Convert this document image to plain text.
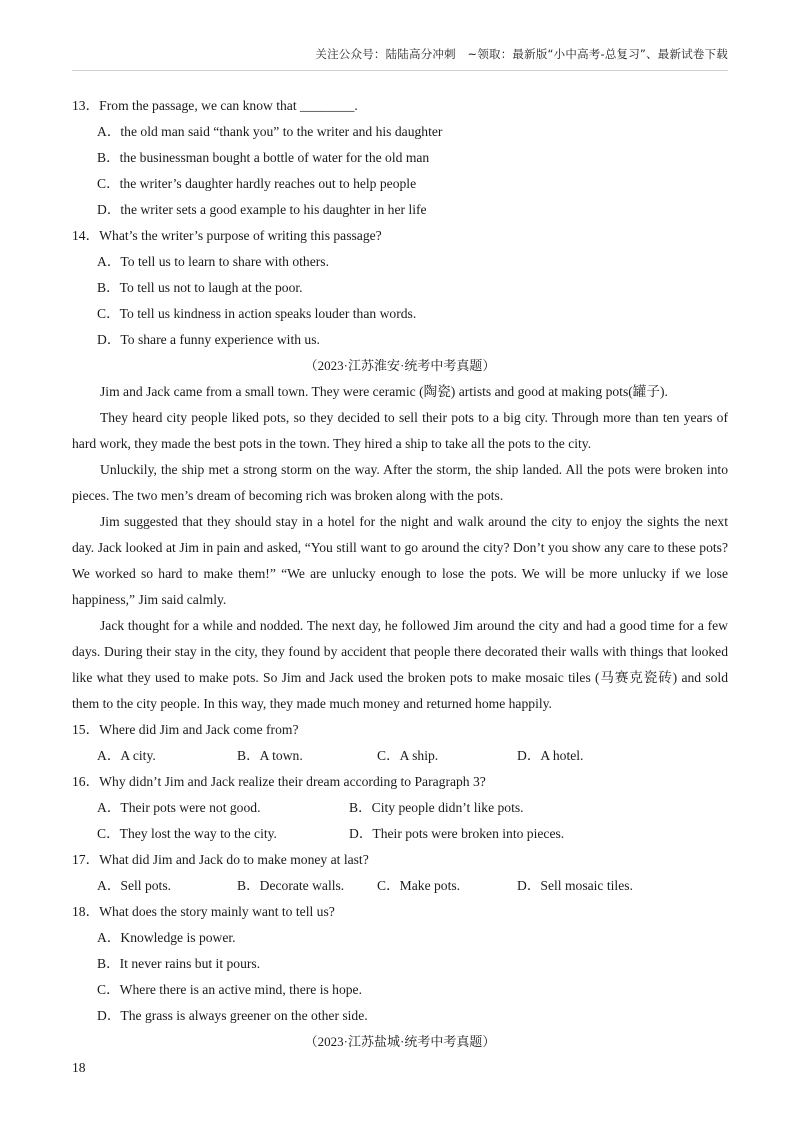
关注公众号：陆陆高分冲刺　~领取：最新版“小中高考-总复习”、最新试卷下载

13．From the passage, we can know that ________.

A．the old man said “thank you” to the writer and his daughter

B．the businessman bought a bottle of water for the old man

C．the writer’s daughter hardly reaches out to help people

D．the writer sets a good example to his daughter in her life

14．What’s the writer’s purpose of writing this passage?

A．To tell us to learn to share with others.

B．To tell us not to laugh at the poor.

C．To tell us kindness in action speaks louder than words.

D．To share a funny experience with us.

（2023·江苏淮安·统考中考真题）

Jim and Jack came from a small town. They were ceramic (陶瓷) artists and good at making pots(罐子).

They heard city people liked pots, so they decided to sell their pots to a big city. Through more than ten years of hard work, they made the best pots in the town. They hired a ship to take all the pots to the city.

Unluckily, the ship met a strong storm on the way. After the storm, the ship landed. All the pots were broken into pieces. The two men’s dream of becoming rich was broken along with the pots.

Jim suggested that they should stay in a hotel for the night and walk around the city to enjoy the sights the next day. Jack looked at Jim in pain and asked, “You still want to go around the city? Don’t you show any care to these pots? We worked so hard to make them!” “We are unlucky enough to lose the pots. We will be more unlucky if we lose happiness,” Jim said calmly.

Jack thought for a while and nodded. The next day, he followed Jim around the city and had a good time for a few days. During their stay in the city, they found by accident that people there decorated their walls with things that looked like what they used to make pots. So Jim and Jack used the broken pots to make mosaic tiles (马赛克瓷砖) and sold them to the city people. In this way, they made much money and returned home happily.

15．Where did Jim and Jack come from?

A．A city.	B．A town.	C．A ship.	D．A hotel.

16．Why didn’t Jim and Jack realize their dream according to Paragraph 3?

A．Their pots were not good.	B．City people didn’t like pots.
C．They lost the way to the city.	D．Their pots were broken into pieces.

17．What did Jim and Jack do to make money at last?

A．Sell pots.	B．Decorate walls.	C．Make pots.	D．Sell mosaic tiles.

18．What does the story mainly want to tell us?

A．Knowledge is power.

B．It never rains but it pours.

C．Where there is an active mind, there is hope.

D．The grass is always greener on the other side.

（2023·江苏盐城·统考中考真题）

18
